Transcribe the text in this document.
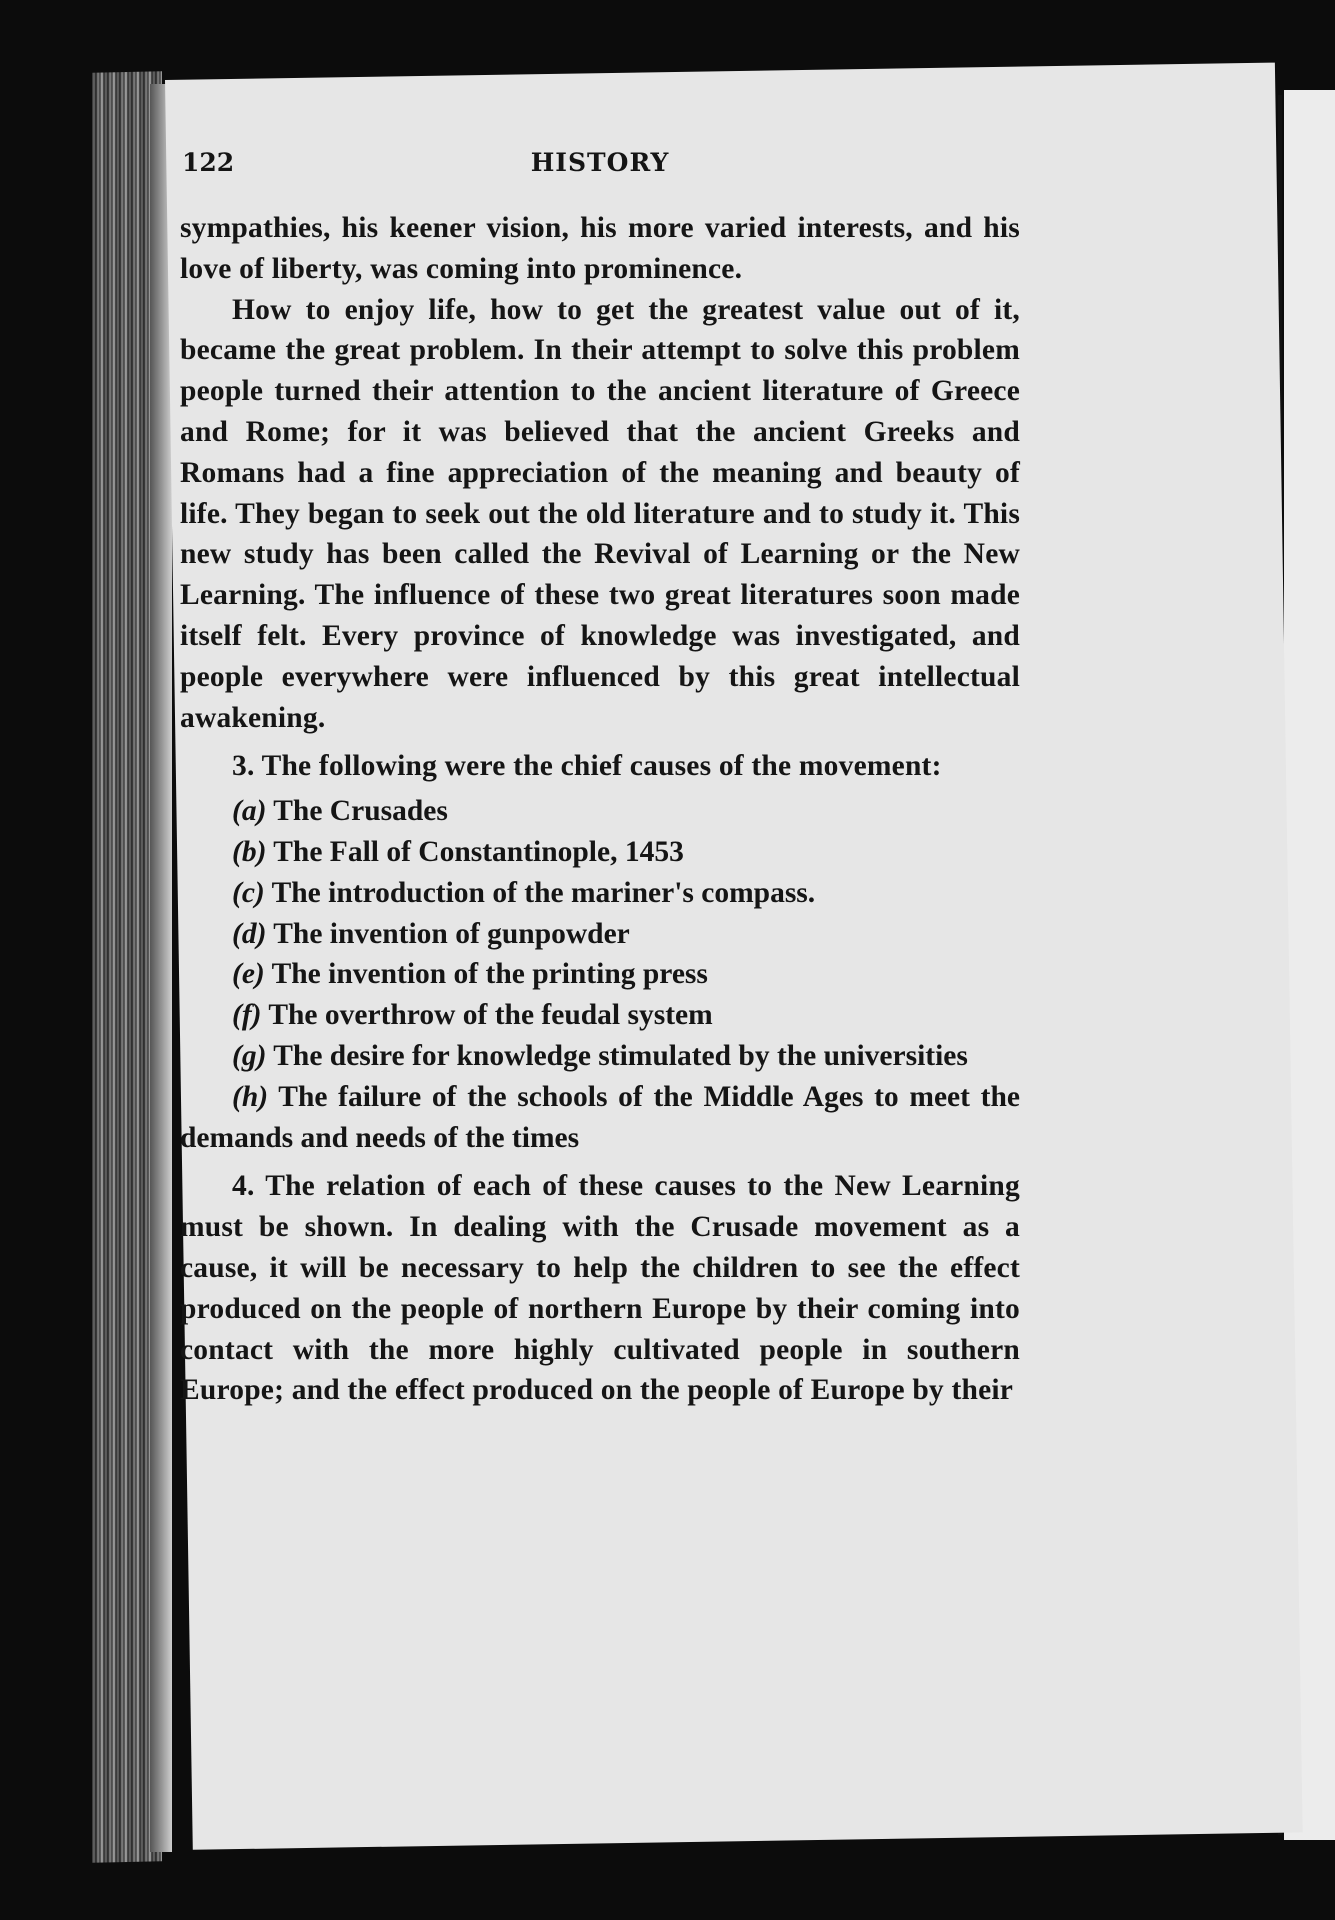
122	HISTORY

sympathies, his keener vision, his more varied interests, and his love of liberty, was coming into prominence.

How to enjoy life, how to get the greatest value out of it, became the great problem. In their attempt to solve this problem people turned their attention to the ancient literature of Greece and Rome; for it was believed that the ancient Greeks and Romans had a fine appreciation of the meaning and beauty of life. They began to seek out the old literature and to study it. This new study has been called the Revival of Learning or the New Learning. The influence of these two great literatures soon made itself felt. Every province of knowledge was investigated, and people everywhere were influenced by this great intellectual awakening.

3. The following were the chief causes of the movement:

(a) The Crusades
(b) The Fall of Constantinople, 1453
(c) The introduction of the mariner's compass.
(d) The invention of gunpowder
(e) The invention of the printing press
(f) The overthrow of the feudal system
(g) The desire for knowledge stimulated by the universities
(h) The failure of the schools of the Middle Ages to meet the demands and needs of the times

4. The relation of each of these causes to the New Learning must be shown. In dealing with the Crusade movement as a cause, it will be necessary to help the children to see the effect produced on the people of northern Europe by their coming into contact with the more highly cultivated people in southern Europe; and the effect produced on the people of Europe by their
